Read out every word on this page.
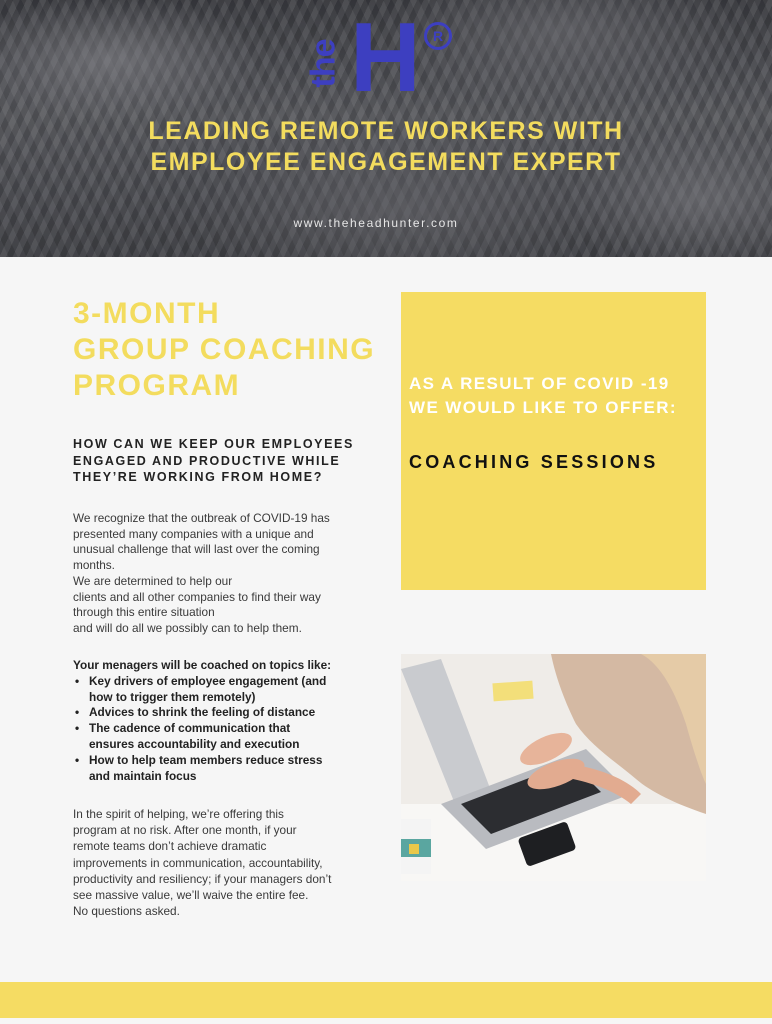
the H R
LEADING REMOTE WORKERS WITH
EMPLOYEE ENGAGEMENT EXPERT
www.theheadhunter.com
3-MONTH
GROUP COACHING
PROGRAM
HOW CAN WE KEEP OUR EMPLOYEES
ENGAGED AND PRODUCTIVE WHILE
THEY’RE WORKING FROM HOME?
We recognize that the outbreak of COVID-19 has
presented many companies with a unique and
unusual challenge that will last over the coming
months.
We are determined to help our
clients and all other companies to find their way
through this entire situation
and will do all we possibly can to help them.
Your menagers will be coached on topics like:
• Key drivers of employee engagement (and
how to trigger them remotely)
• Advices to shrink the feeling of distance
• The cadence of communication that
ensures accountability and execution
• How to help team members reduce stress
and maintain focus
In the spirit of helping, we’re offering this
program at no risk. After one month, if your
remote teams don’t achieve dramatic
improvements in communication, accountability,
productivity and resiliency; if your managers don’t
see massive value, we’ll waive the entire fee.
No questions asked.
AS A RESULT OF COVID -19
WE WOULD LIKE TO OFFER:
COACHING SESSIONS
